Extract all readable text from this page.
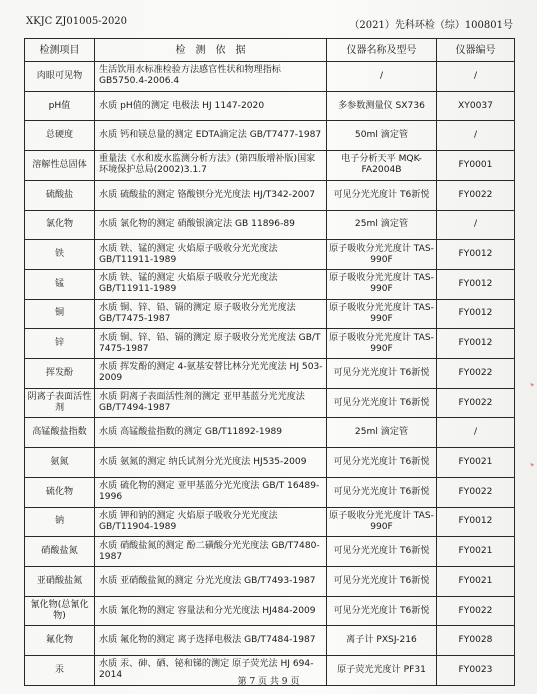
XKJC ZJ01005-2020	（2021）先科环检（综）100801号
检测项目	检　测　依　据	仪器名称及型号	仪器编号
肉眼可见物	生活饮用水标准检验方法感官性状和物理指标 GB5750.4-2006.4	/	/
pH值	水质 pH值的测定 电极法 HJ 1147-2020	多参数测量仪 SX736	XY0037
总硬度	水质 钙和镁总量的测定 EDTA滴定法 GB/T7477-1987	50ml 滴定管	/
溶解性总固体	重量法《水和废水监测分析方法》(第四版增补版)国家环境保护总局(2002)3.1.7	电子分析天平 MQK-FA2004B	FY0001
硫酸盐	水质 硫酸盐的测定 铬酸钡分光光度法 HJ/T342-2007	可见分光光度计 T6新悦	FY0022
氯化物	水质 氯化物的测定 硝酸银滴定法 GB 11896-89	25ml 滴定管	/
铁	水质 铁、锰的测定 火焰原子吸收分光光度法 GB/T11911-1989	原子吸收分光光度计 TAS-990F	FY0012
锰	水质 铁、锰的测定 火焰原子吸收分光光度法 GB/T11911-1989	原子吸收分光光度计 TAS-990F	FY0012
铜	水质 铜、锌、铅、镉的测定 原子吸收分光光度法 GB/T7475-1987	原子吸收分光光度计 TAS-990F	FY0012
锌	水质 铜、锌、铅、镉的测定 原子吸收分光光度法 GB/T 7475-1987	原子吸收分光光度计 TAS-990F	FY0012
挥发酚	水质 挥发酚的测定 4-氨基安替比林分光光度法 HJ 503-2009	可见分光光度计 T6新悦	FY0022
阴离子表面活性剂	水质 阴离子表面活性剂的测定 亚甲基蓝分光光度法 GB/T7494-1987	可见分光光度计 T6新悦	FY0022
高锰酸盐指数	水质 高锰酸盐指数的测定 GB/T11892-1989	25ml 滴定管	/
氨氮	水质 氨氮的测定 纳氏试剂分光光度法 HJ535-2009	可见分光光度计 T6新悦	FY0021
硫化物	水质 硫化物的测定 亚甲基蓝分光光度法 GB/T 16489-1996	可见分光光度计 T6新悦	FY0022
钠	水质 钾和钠的测定 火焰原子吸收分光光度法 GB/T11904-1989	原子吸收分光光度计 TAS-990F	FY0012
硝酸盐氮	水质 硝酸盐氮的测定 酚二磺酸分光光度法 GB/T7480-1987	可见分光光度计 T6新悦	FY0021
亚硝酸盐氮	水质 亚硝酸盐氮的测定 分光光度法 GB/T7493-1987	可见分光光度计 T6新悦	FY0021
氰化物(总氰化物)	水质 氰化物的测定 容量法和分光光度法 HJ484-2009	可见分光光度计 T6新悦	FY0022
氟化物	水质 氟化物的测定 离子选择电极法 GB/T7484-1987	离子计 PXSJ-216	FY0028
汞	水质 汞、砷、硒、铋和锑的测定 原子荧光法 HJ 694-2014	原子荧光光度计 PF31	FY0023
第 7 页 共 9 页
﹡
﹡
